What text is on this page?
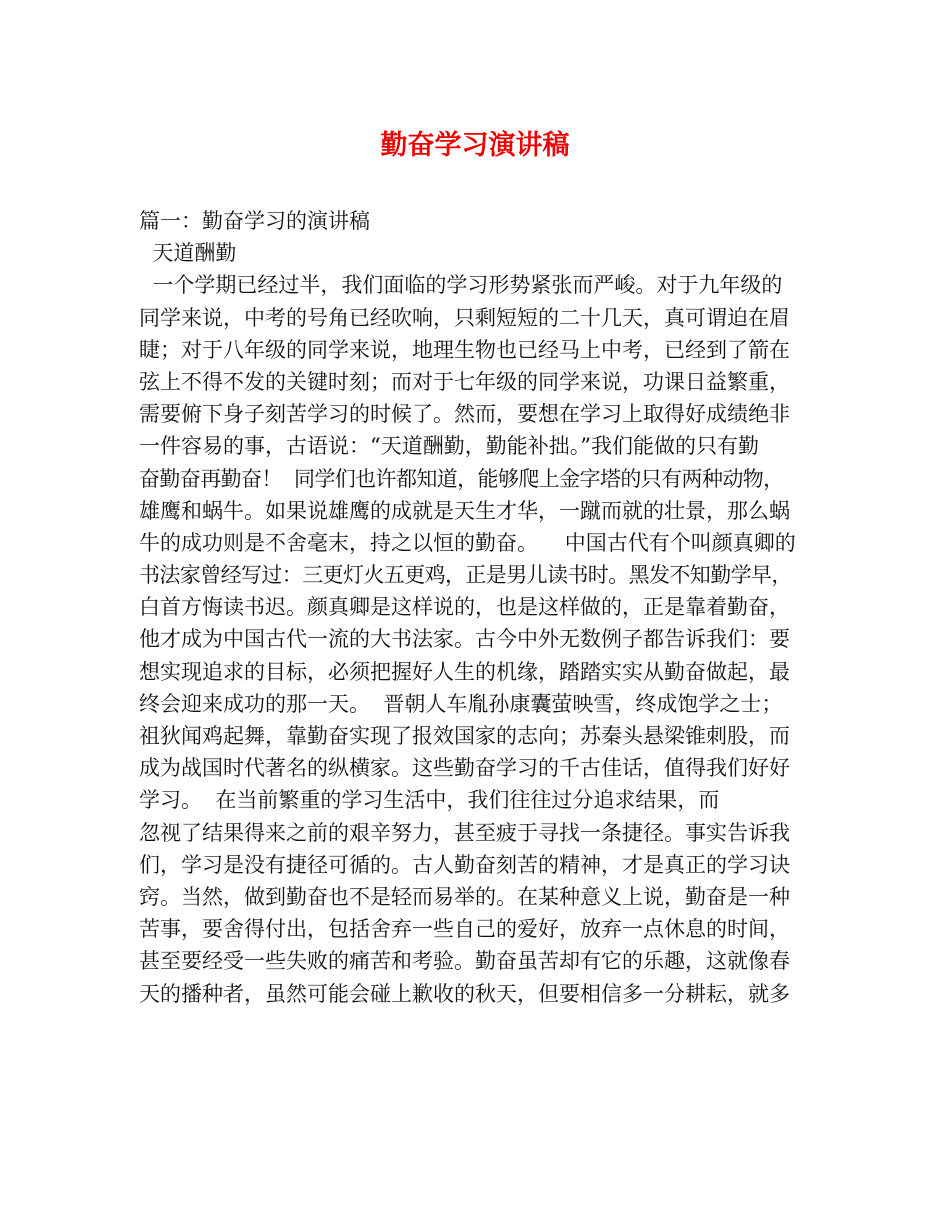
勤奋学习演讲稿
篇一：勤奋学习的演讲稿
天道酬勤
一个学期已经过半，我们面临的学习形势紧张而严峻。对于九年级的
同学来说，中考的号角已经吹响，只剩短短的二十几天，真可谓迫在眉
睫；对于八年级的同学来说，地理生物也已经马上中考，已经到了箭在
弦上不得不发的关键时刻；而对于七年级的同学来说，功课日益繁重，
需要俯下身子刻苦学习的时候了。然而，要想在学习上取得好成绩绝非
一件容易的事，古语说：“天道酬勤，勤能补拙。”我们能做的只有勤
奋勤奋再勤奋！  同学们也许都知道，能够爬上金字塔的只有两种动物，
雄鹰和蜗牛。如果说雄鹰的成就是天生才华，一蹴而就的壮景，那么蜗
牛的成功则是不舍毫末，持之以恒的勤奋。    中国古代有个叫颜真卿的
书法家曾经写过：三更灯火五更鸡，正是男儿读书时。黑发不知勤学早，
白首方悔读书迟。颜真卿是这样说的，也是这样做的，正是靠着勤奋，
他才成为中国古代一流的大书法家。古今中外无数例子都告诉我们：要
想实现追求的目标，必须把握好人生的机缘，踏踏实实从勤奋做起，最
终会迎来成功的那一天。  晋朝人车胤孙康囊萤映雪，终成饱学之士；
祖狄闻鸡起舞，靠勤奋实现了报效国家的志向；苏秦头悬梁锥刺股，而
成为战国时代著名的纵横家。这些勤奋学习的千古佳话，值得我们好好
学习。  在当前繁重的学习生活中，我们往往过分追求结果，而
忽视了结果得来之前的艰辛努力，甚至疲于寻找一条捷径。事实告诉我
们，学习是没有捷径可循的。古人勤奋刻苦的精神，才是真正的学习诀
窍。当然，做到勤奋也不是轻而易举的。在某种意义上说，勤奋是一种
苦事，要舍得付出，包括舍弃一些自己的爱好，放弃一点休息的时间，
甚至要经受一些失败的痛苦和考验。勤奋虽苦却有它的乐趣，这就像春
天的播种者，虽然可能会碰上歉收的秋天，但要相信多一分耕耘，就多
